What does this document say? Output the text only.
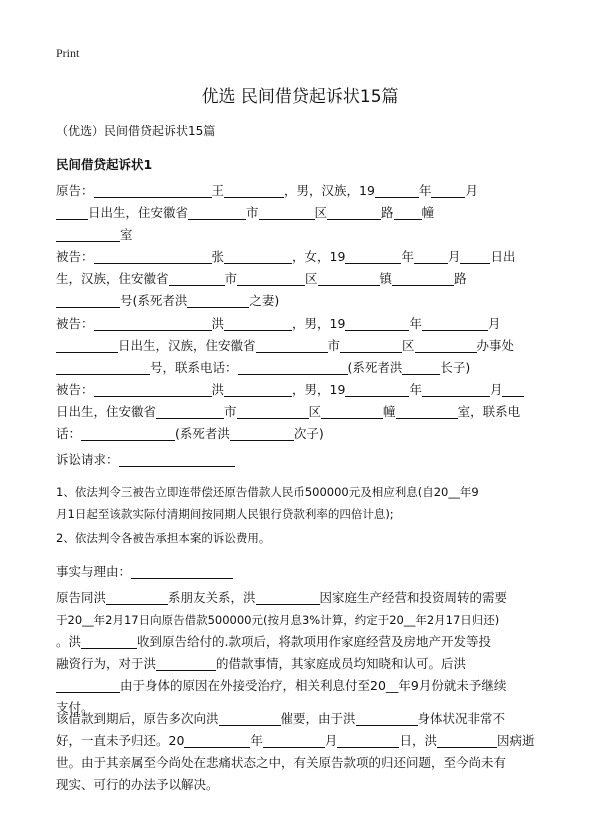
Print
优选 民间借贷起诉状15篇
（优选）民间借贷起诉状15篇
民间借贷起诉状1
原告：	王	，男，汉族，19	年	月
日出生，住安徽省	市	区	路 幢
室
被告：	张	，女，19	年	月 日出
生，汉族，住安徽省	市	区	镇	路
号(系死者洪	之妻)
被告：	洪	，男，19	年	月
日出生，汉族，住安徽省	市	区	办事处
号，联系电话：	(系死者洪	长子)
被告：	洪	，男，19	年	月
日出生，住安徽省	市	区	幢	室，联系电
话：	(系死者洪	次子)
诉讼请求：
1、依法判令三被告立即连带偿还原告借款人民币500000元及相应利息(自20__年9
月1日起至该款实际付清期间按同期人民银行贷款利率的四倍计息);
2、依法判令各被告承担本案的诉讼费用。
事实与理由：
原告同洪	系朋友关系，洪	因家庭生产经营和投资周转的需要
于20__年2月17日向原告借款500000元(按月息3%计算，约定于20__年2月17日归还)
。洪	收到原告给付的.款项后，将款项用作家庭经营及房地产开发等投
融资行为，对于洪	的借款事情，其家庭成员均知晓和认可。后洪
由于身体的原因在外接受治疗，相关利息付至20__年9月份就未予继续
支付。
该借款到期后，原告多次向洪	催要，由于洪	身体状况非常不
好，一直未予归还。20	年	月	日，洪	因病逝
世。由于其亲属至今尚处在悲痛状态之中，有关原告款项的归还问题，至今尚未有
现实、可行的办法予以解决。
